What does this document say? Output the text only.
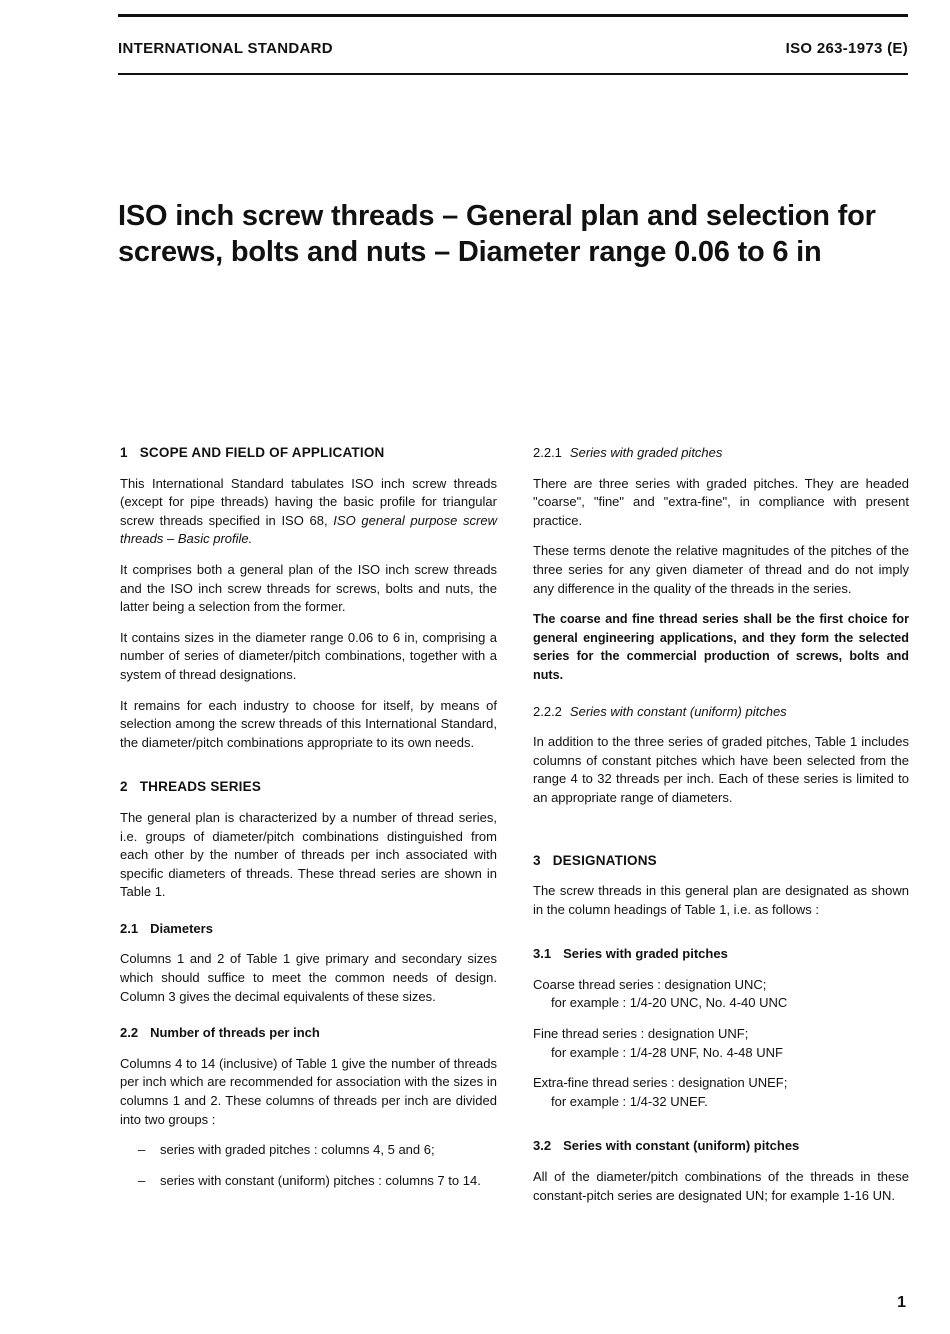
INTERNATIONAL STANDARD	ISO 263-1973 (E)
ISO inch screw threads – General plan and selection for
screws, bolts and nuts – Diameter range 0.06 to 6 in
1 SCOPE AND FIELD OF APPLICATION

This International Standard tabulates ISO inch screw threads (except for pipe threads) having the basic profile for triangular screw threads specified in ISO 68, ISO general purpose screw threads – Basic profile.

It comprises both a general plan of the ISO inch screw threads and the ISO inch screw threads for screws, bolts and nuts, the latter being a selection from the former.

It contains sizes in the diameter range 0.06 to 6 in, comprising a number of series of diameter/pitch combinations, together with a system of thread designations.

It remains for each industry to choose for itself, by means of selection among the screw threads of this International Standard, the diameter/pitch combinations appropriate to its own needs.

2 THREADS SERIES

The general plan is characterized by a number of thread series, i.e. groups of diameter/pitch combinations distinguished from each other by the number of threads per inch associated with specific diameters of threads. These thread series are shown in Table 1.

2.1 Diameters

Columns 1 and 2 of Table 1 give primary and secondary sizes which should suffice to meet the common needs of design. Column 3 gives the decimal equivalents of these sizes.

2.2 Number of threads per inch

Columns 4 to 14 (inclusive) of Table 1 give the number of threads per inch which are recommended for association with the sizes in columns 1 and 2. These columns of threads per inch are divided into two groups :

–	series with graded pitches : columns 4, 5 and 6;
–	series with constant (uniform) pitches : columns 7 to 14.
2.2.1 Series with graded pitches

There are three series with graded pitches. They are headed "coarse", "fine" and "extra-fine", in compliance with present practice.

These terms denote the relative magnitudes of the pitches of the three series for any given diameter of thread and do not imply any difference in the quality of the threads in the series.

The coarse and fine thread series shall be the first choice for general engineering applications, and they form the selected series for the commercial production of screws, bolts and nuts.

2.2.2 Series with constant (uniform) pitches

In addition to the three series of graded pitches, Table 1 includes columns of constant pitches which have been selected from the range 4 to 32 threads per inch. Each of these series is limited to an appropriate range of diameters.

3 DESIGNATIONS

The screw threads in this general plan are designated as shown in the column headings of Table 1, i.e. as follows :

3.1 Series with graded pitches
Coarse thread series : designation UNC;
for example : 1/4-20 UNC, No. 4-40 UNC
Fine thread series : designation UNF;
for example : 1/4-28 UNF, No. 4-48 UNF
Extra-fine thread series : designation UNEF;
for example : 1/4-32 UNEF.
3.2 Series with constant (uniform) pitches

All of the diameter/pitch combinations of the threads in these constant-pitch series are designated UN; for example 1-16 UN.

1
